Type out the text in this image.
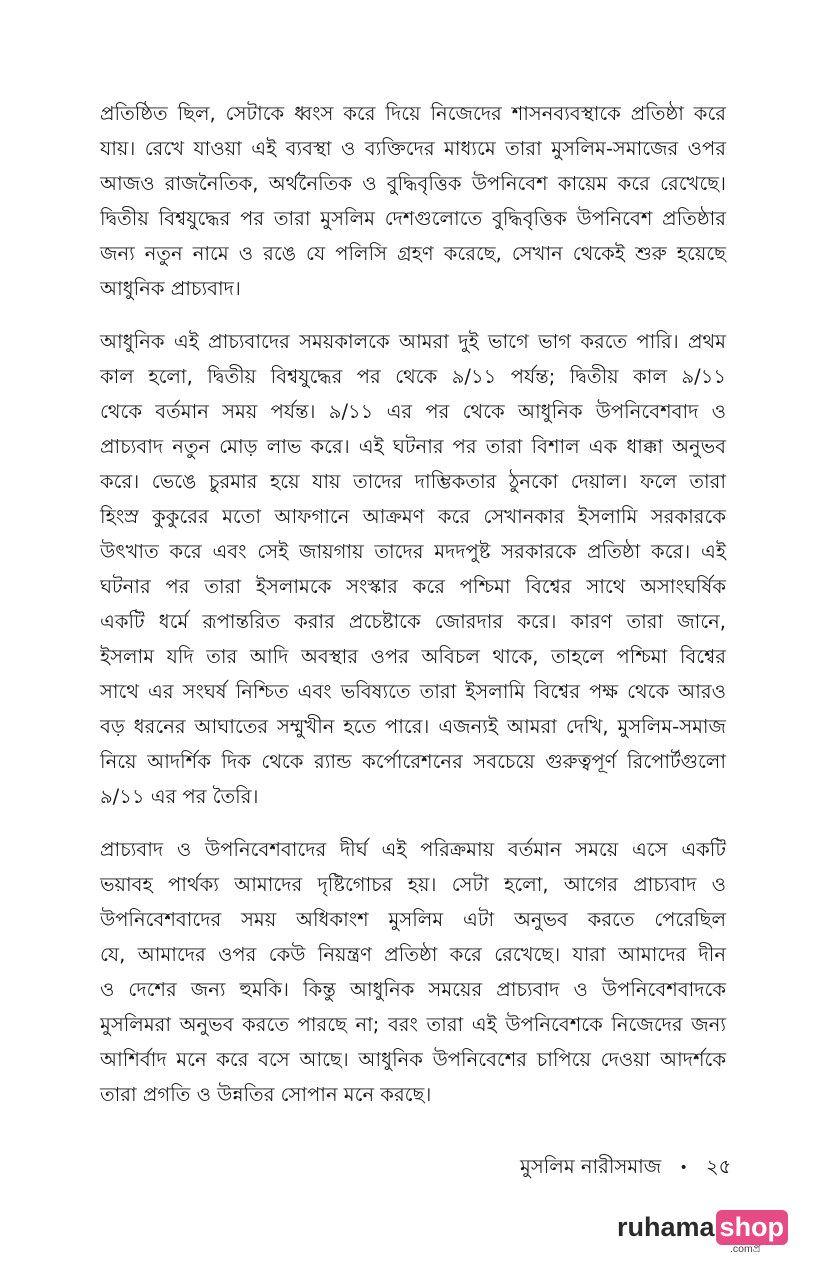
প্রতিষ্ঠিত ছিল, সেটাকে ধ্বংস করে দিয়ে নিজেদের শাসনব্যবস্থাকে প্রতিষ্ঠা করে
যায়। রেখে যাওয়া এই ব্যবস্থা ও ব্যক্তিদের মাধ্যমে তারা মুসলিম-সমাজের ওপর
আজও রাজনৈতিক, অর্থনৈতিক ও বুদ্ধিবৃত্তিক উপনিবেশ কায়েম করে রেখেছে।
দ্বিতীয় বিশ্বযুদ্ধের পর তারা মুসলিম দেশগুলোতে বুদ্ধিবৃত্তিক উপনিবেশ প্রতিষ্ঠার
জন্য নতুন নামে ও রঙে যে পলিসি গ্রহণ করেছে, সেখান থেকেই শুরু হয়েছে
আধুনিক প্রাচ্যবাদ।

আধুনিক এই প্রাচ্যবাদের সময়কালকে আমরা দুই ভাগে ভাগ করতে পারি। প্রথম
কাল হলো, দ্বিতীয় বিশ্বযুদ্ধের পর থেকে ৯/১১ পর্যন্ত; দ্বিতীয় কাল ৯/১১
থেকে বর্তমান সময় পর্যন্ত। ৯/১১ এর পর থেকে আধুনিক উপনিবেশবাদ ও
প্রাচ্যবাদ নতুন মোড় লাভ করে। এই ঘটনার পর তারা বিশাল এক ধাক্কা অনুভব
করে। ভেঙে চুরমার হয়ে যায় তাদের দাম্ভিকতার ঠুনকো দেয়াল। ফলে তারা
হিংস্র কুকুরের মতো আফগানে আক্রমণ করে সেখানকার ইসলামি সরকারকে
উৎখাত করে এবং সেই জায়গায় তাদের মদদপুষ্ট সরকারকে প্রতিষ্ঠা করে। এই
ঘটনার পর তারা ইসলামকে সংস্কার করে পশ্চিমা বিশ্বের সাথে অসাংঘর্ষিক
একটি ধর্মে রূপান্তরিত করার প্রচেষ্টাকে জোরদার করে। কারণ তারা জানে,
ইসলাম যদি তার আদি অবস্থার ওপর অবিচল থাকে, তাহলে পশ্চিমা বিশ্বের
সাথে এর সংঘর্ষ নিশ্চিত এবং ভবিষ্যতে তারা ইসলামি বিশ্বের পক্ষ থেকে আরও
বড় ধরনের আঘাতের সম্মুখীন হতে পারে। এজন্যই আমরা দেখি, মুসলিম-সমাজ
নিয়ে আদর্শিক দিক থেকে র‍্যান্ড কর্পোরেশনের সবচেয়ে গুরুত্বপূর্ণ রিপোর্টগুলো
৯/১১ এর পর তৈরি।

প্রাচ্যবাদ ও উপনিবেশবাদের দীর্ঘ এই পরিক্রমায় বর্তমান সময়ে এসে একটি
ভয়াবহ পার্থক্য আমাদের দৃষ্টিগোচর হয়। সেটা হলো, আগের প্রাচ্যবাদ ও
উপনিবেশবাদের সময় অধিকাংশ মুসলিম এটা অনুভব করতে পেরেছিল
যে, আমাদের ওপর কেউ নিয়ন্ত্রণ প্রতিষ্ঠা করে রেখেছে। যারা আমাদের দীন
ও দেশের জন্য হুমকি। কিন্তু আধুনিক সময়ের প্রাচ্যবাদ ও উপনিবেশবাদকে
মুসলিমরা অনুভব করতে পারছে না; বরং তারা এই উপনিবেশকে নিজেদের জন্য
আশির্বাদ মনে করে বসে আছে। আধুনিক উপনিবেশের চাপিয়ে দেওয়া আদর্শকে
তারা প্রগতি ও উন্নতির সোপান মনে করছে।

মুসলিম নারীসমাজ • ২৫
ruhama shop
.comপ্র
